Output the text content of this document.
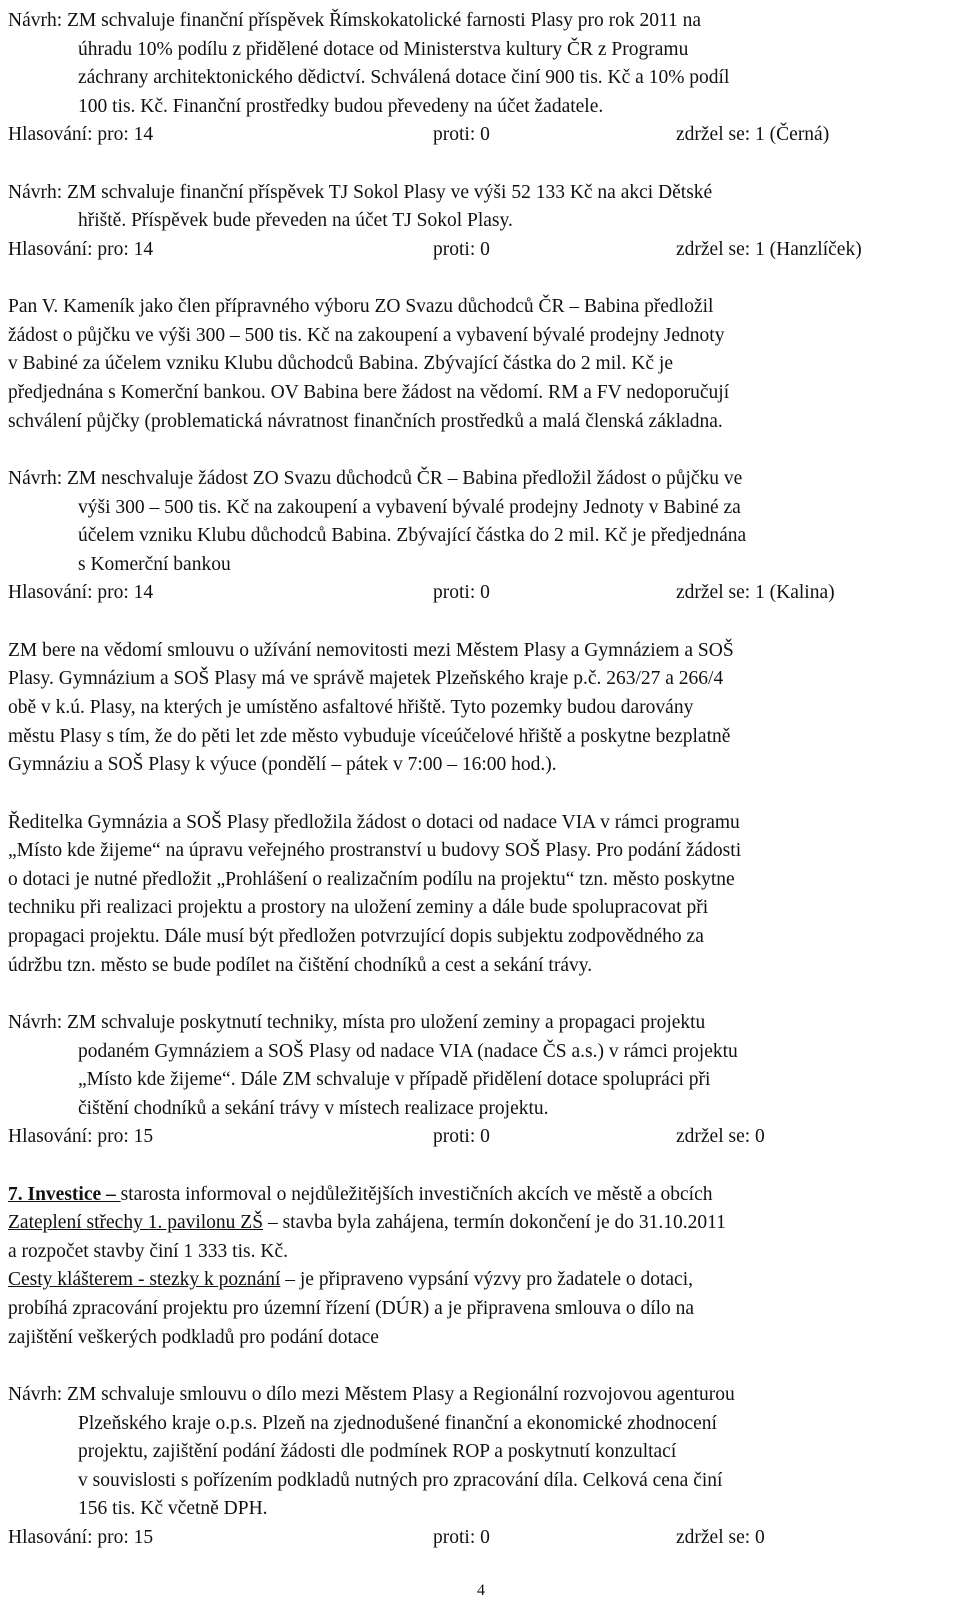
Návrh: ZM schvaluje finanční příspěvek Římskokatolické farnosti Plasy pro rok 2011 na
úhradu 10% podílu z přidělené dotace od Ministerstva kultury ČR z Programu
záchrany architektonického dědictví. Schválená dotace činí 900 tis. Kč a 10% podíl
100 tis. Kč. Finanční prostředky budou převedeny na účet žadatele.
Hlasování: pro: 14	proti: 0	zdržel se: 1 (Černá)
Návrh: ZM schvaluje finanční příspěvek TJ Sokol Plasy ve výši 52 133 Kč na akci Dětské
hřiště. Příspěvek bude převeden na účet TJ Sokol Plasy.
Hlasování: pro: 14	proti: 0	zdržel se: 1 (Hanzlíček)
Pan V. Kameník jako člen přípravného výboru ZO Svazu důchodců ČR – Babina předložil
žádost o půjčku ve výši 300 – 500 tis. Kč na zakoupení a vybavení bývalé prodejny Jednoty
v Babiné za účelem vzniku Klubu důchodců Babina. Zbývající částka do 2 mil. Kč je
předjednána s Komerční bankou. OV Babina bere žádost na vědomí. RM a FV nedoporučují
schválení půjčky (problematická návratnost finančních prostředků a malá členská základna.
Návrh: ZM neschvaluje žádost ZO Svazu důchodců ČR – Babina předložil žádost o půjčku ve
výši 300 – 500 tis. Kč na zakoupení a vybavení bývalé prodejny Jednoty v Babiné za
účelem vzniku Klubu důchodců Babina. Zbývající částka do 2 mil. Kč je předjednána
s Komerční bankou
Hlasování: pro: 14	proti: 0	zdržel se: 1 (Kalina)
ZM bere na vědomí smlouvu o užívání nemovitosti mezi Městem Plasy a Gymnáziem a SOŠ
Plasy. Gymnázium a SOŠ Plasy má ve správě majetek Plzeňského kraje p.č. 263/27 a 266/4
obě v k.ú. Plasy, na kterých je umístěno asfaltové hřiště. Tyto pozemky budou darovány
městu Plasy s tím, že do pěti let zde město vybuduje víceúčelové hřiště a poskytne bezplatně
Gymnáziu a SOŠ Plasy k výuce (pondělí – pátek v 7:00 – 16:00 hod.).
Ředitelka Gymnázia a SOŠ Plasy předložila žádost o dotaci od nadace VIA v rámci programu
„Místo kde žijeme“ na úpravu veřejného prostranství u budovy SOŠ Plasy. Pro podání žádosti
o dotaci je nutné předložit „Prohlášení o realizačním podílu na projektu“ tzn. město poskytne
techniku při realizaci projektu a prostory na uložení zeminy a dále bude spolupracovat při
propagaci projektu. Dále musí být předložen potvrzující dopis subjektu zodpovědného za
údržbu tzn. město se bude podílet na čištění chodníků a cest a sekání trávy.
Návrh: ZM schvaluje poskytnutí techniky, místa pro uložení zeminy a propagaci projektu
podaném Gymnáziem a SOŠ Plasy od nadace VIA (nadace ČS a.s.) v rámci projektu
„Místo kde žijeme“. Dále ZM schvaluje v případě přidělení dotace spolupráci při
čištění chodníků a sekání trávy v místech realizace projektu.
Hlasování: pro: 15	proti: 0	zdržel se: 0
7. Investice – starosta informoval o nejdůležitějších investičních akcích ve městě a obcích
Zateplení střechy 1. pavilonu ZŠ – stavba byla zahájena, termín dokončení je do 31.10.2011
a rozpočet stavby činí 1 333 tis. Kč.
Cesty klášterem - stezky k poznání – je připraveno vypsání výzvy pro žadatele o dotaci,
probíhá zpracování projektu pro územní řízení (DÚR) a je připravena smlouva o dílo na
zajištění veškerých podkladů pro podání dotace
Návrh: ZM schvaluje smlouvu o dílo mezi Městem Plasy a Regionální rozvojovou agenturou
Plzeňského kraje o.p.s. Plzeň na zjednodušené finanční a ekonomické zhodnocení
projektu, zajištění podání žádosti dle podmínek ROP a poskytnutí konzultací
v souvislosti s pořízením podkladů nutných pro zpracování díla. Celková cena činí
156 tis. Kč včetně DPH.
Hlasování: pro: 15	proti: 0	zdržel se: 0
4
